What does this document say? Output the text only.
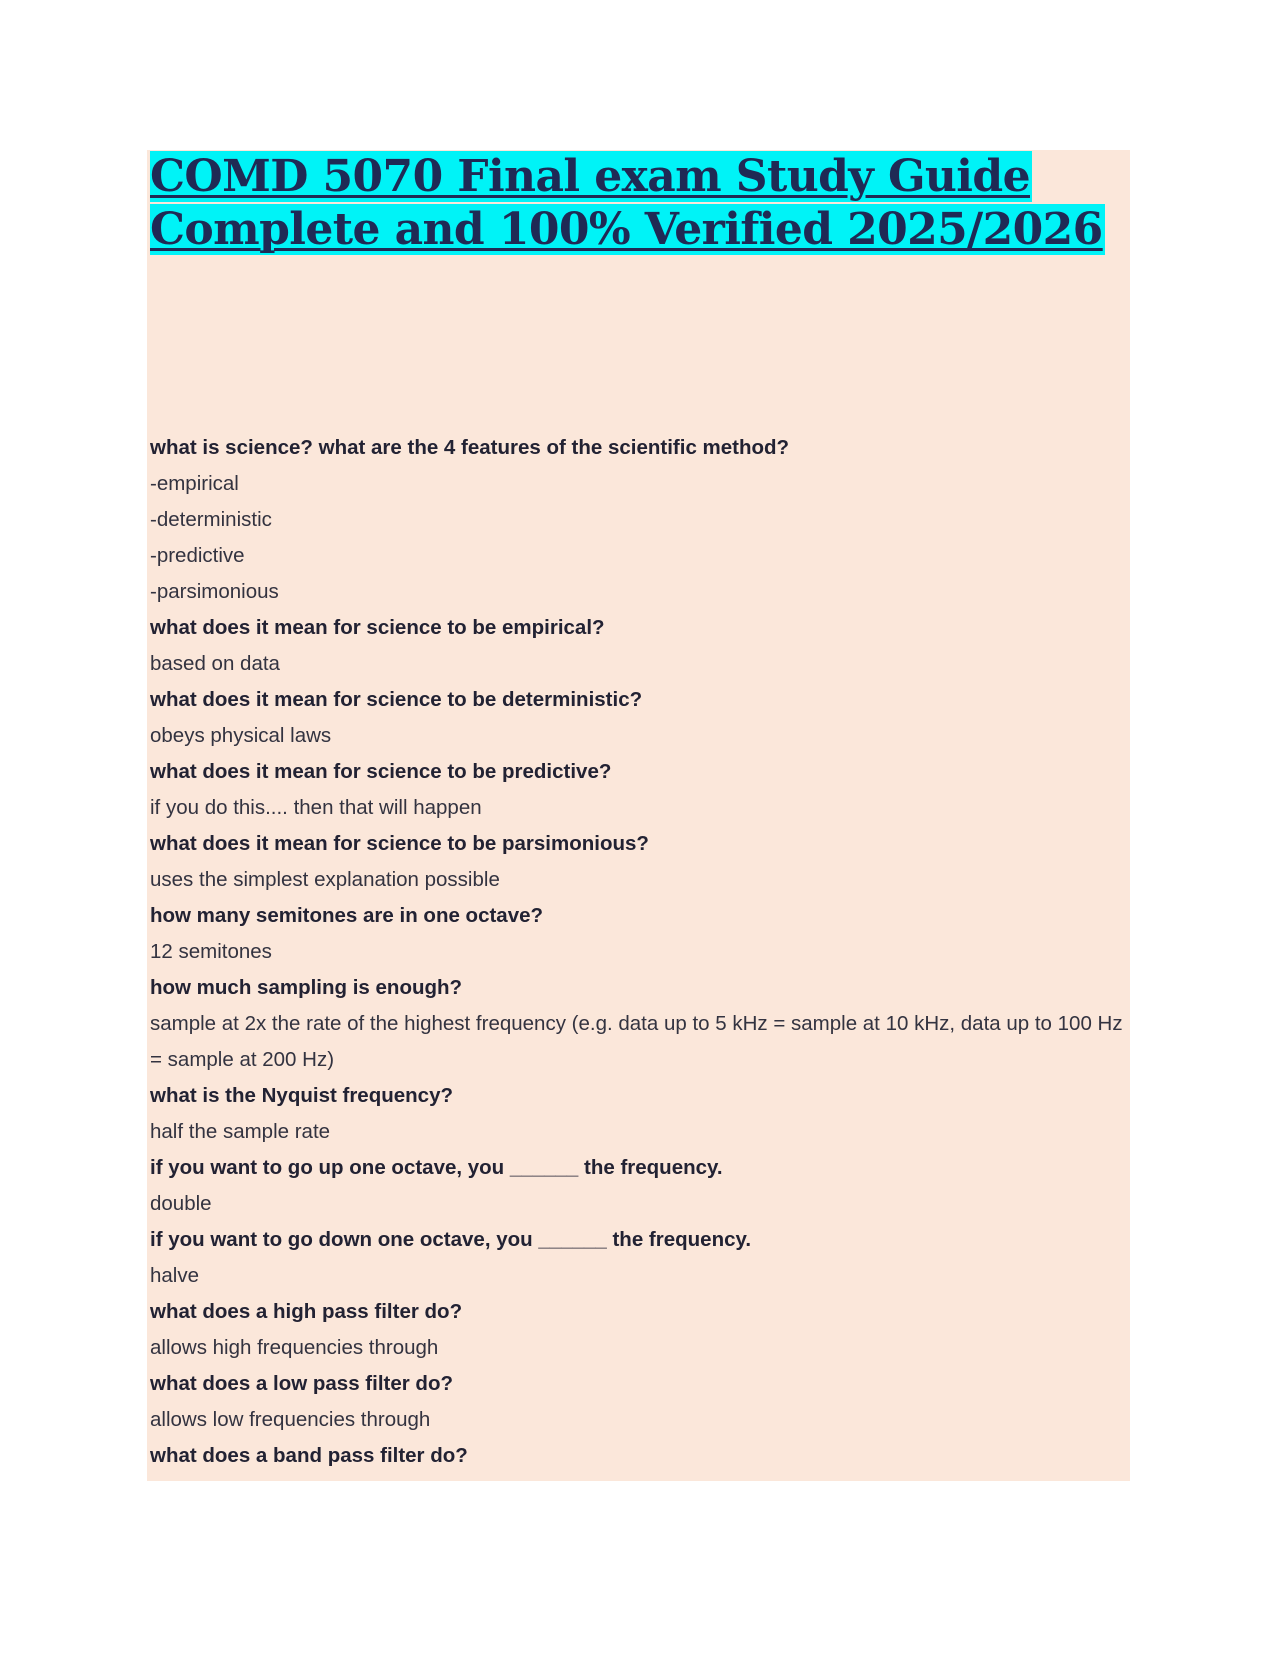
COMD 5070 Final exam Study Guide Complete and 100% Verified 2025/2026
what is science? what are the 4 features of the scientific method?
-empirical
-deterministic
-predictive
-parsimonious
what does it mean for science to be empirical?
based on data
what does it mean for science to be deterministic?
obeys physical laws
what does it mean for science to be predictive?
if you do this.... then that will happen
what does it mean for science to be parsimonious?
uses the simplest explanation possible
how many semitones are in one octave?
12 semitones
how much sampling is enough?
sample at 2x the rate of the highest frequency (e.g. data up to 5 kHz = sample at 10 kHz, data up to 100 Hz = sample at 200 Hz)
what is the Nyquist frequency?
half the sample rate
if you want to go up one octave, you ______ the frequency.
double
if you want to go down one octave, you ______ the frequency.
halve
what does a high pass filter do?
allows high frequencies through
what does a low pass filter do?
allows low frequencies through
what does a band pass filter do?
